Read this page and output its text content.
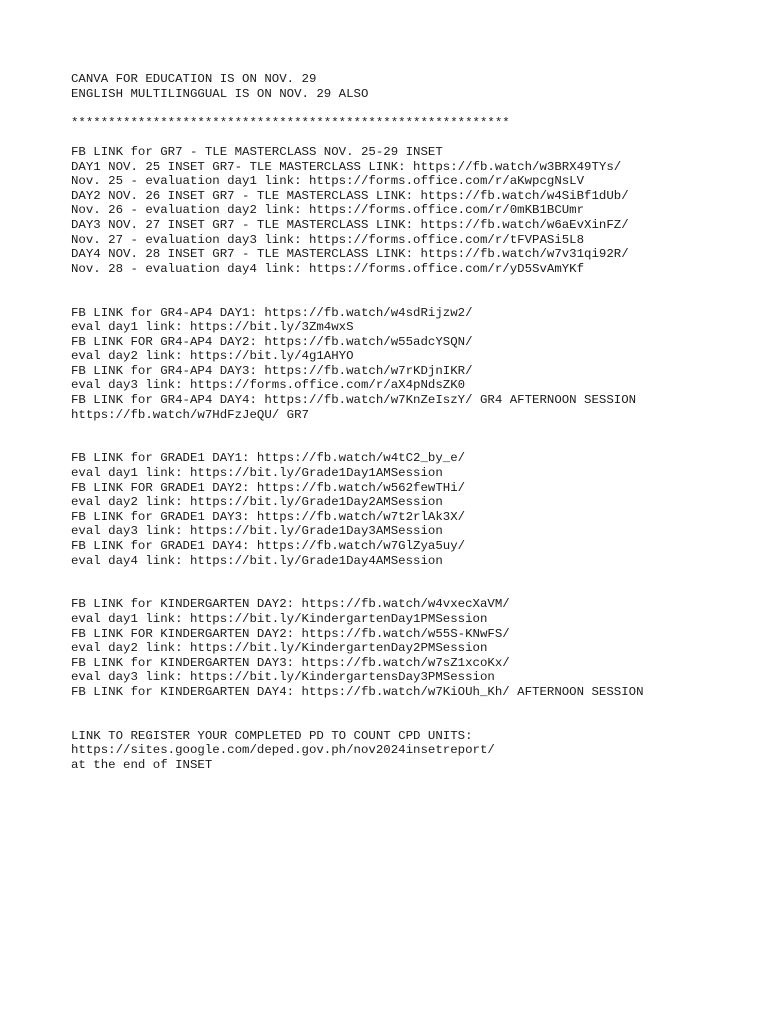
CANVA FOR EDUCATION IS ON NOV. 29
ENGLISH MULTILINGGUAL IS ON NOV. 29 ALSO
***********************************************************
FB LINK for GR7 - TLE MASTERCLASS NOV. 25-29 INSET
DAY1 NOV. 25 INSET GR7- TLE MASTERCLASS LINK: https://fb.watch/w3BRX49TYs/
Nov. 25 - evaluation day1 link: https://forms.office.com/r/aKwpcgNsLV
DAY2 NOV. 26 INSET GR7 - TLE MASTERCLASS LINK: https://fb.watch/w4SiBf1dUb/
Nov. 26 - evaluation day2 link: https://forms.office.com/r/0mKB1BCUmr
DAY3 NOV. 27 INSET GR7 - TLE MASTERCLASS LINK: https://fb.watch/w6aEvXinFZ/
Nov. 27 - evaluation day3 link: https://forms.office.com/r/tFVPASi5L8
DAY4 NOV. 28 INSET GR7 - TLE MASTERCLASS LINK: https://fb.watch/w7v31qi92R/
Nov. 28 - evaluation day4 link: https://forms.office.com/r/yD5SvAmYKf
FB LINK for GR4-AP4 DAY1: https://fb.watch/w4sdRijzw2/
eval day1 link: https://bit.ly/3Zm4wxS
FB LINK FOR GR4-AP4 DAY2: https://fb.watch/w55adcYSQN/
eval day2 link: https://bit.ly/4g1AHYO
FB LINK for GR4-AP4 DAY3: https://fb.watch/w7rKDjnIKR/
eval day3 link: https://forms.office.com/r/aX4pNdsZK0
FB LINK for GR4-AP4 DAY4: https://fb.watch/w7KnZeIszY/ GR4 AFTERNOON SESSION
https://fb.watch/w7HdFzJeQU/ GR7
FB LINK for GRADE1 DAY1: https://fb.watch/w4tC2_by_e/
eval day1 link: https://bit.ly/Grade1Day1AMSession
FB LINK FOR GRADE1 DAY2: https://fb.watch/w562fewTHi/
eval day2 link: https://bit.ly/Grade1Day2AMSession
FB LINK for GRADE1 DAY3: https://fb.watch/w7t2rlAk3X/
eval day3 link: https://bit.ly/Grade1Day3AMSession
FB LINK for GRADE1 DAY4: https://fb.watch/w7GlZya5uy/
eval day4 link: https://bit.ly/Grade1Day4AMSession
FB LINK for KINDERGARTEN DAY2: https://fb.watch/w4vxecXaVM/
eval day1 link: https://bit.ly/KindergartenDay1PMSession
FB LINK FOR KINDERGARTEN DAY2: https://fb.watch/w55S-KNwFS/
eval day2 link: https://bit.ly/KindergartenDay2PMSession
FB LINK for KINDERGARTEN DAY3: https://fb.watch/w7sZ1xcoKx/
eval day3 link: https://bit.ly/KindergartensDay3PMSession
FB LINK for KINDERGARTEN DAY4: https://fb.watch/w7KiOUh_Kh/ AFTERNOON SESSION
LINK TO REGISTER YOUR COMPLETED PD TO COUNT CPD UNITS:
https://sites.google.com/deped.gov.ph/nov2024insetreport/
at the end of INSET
